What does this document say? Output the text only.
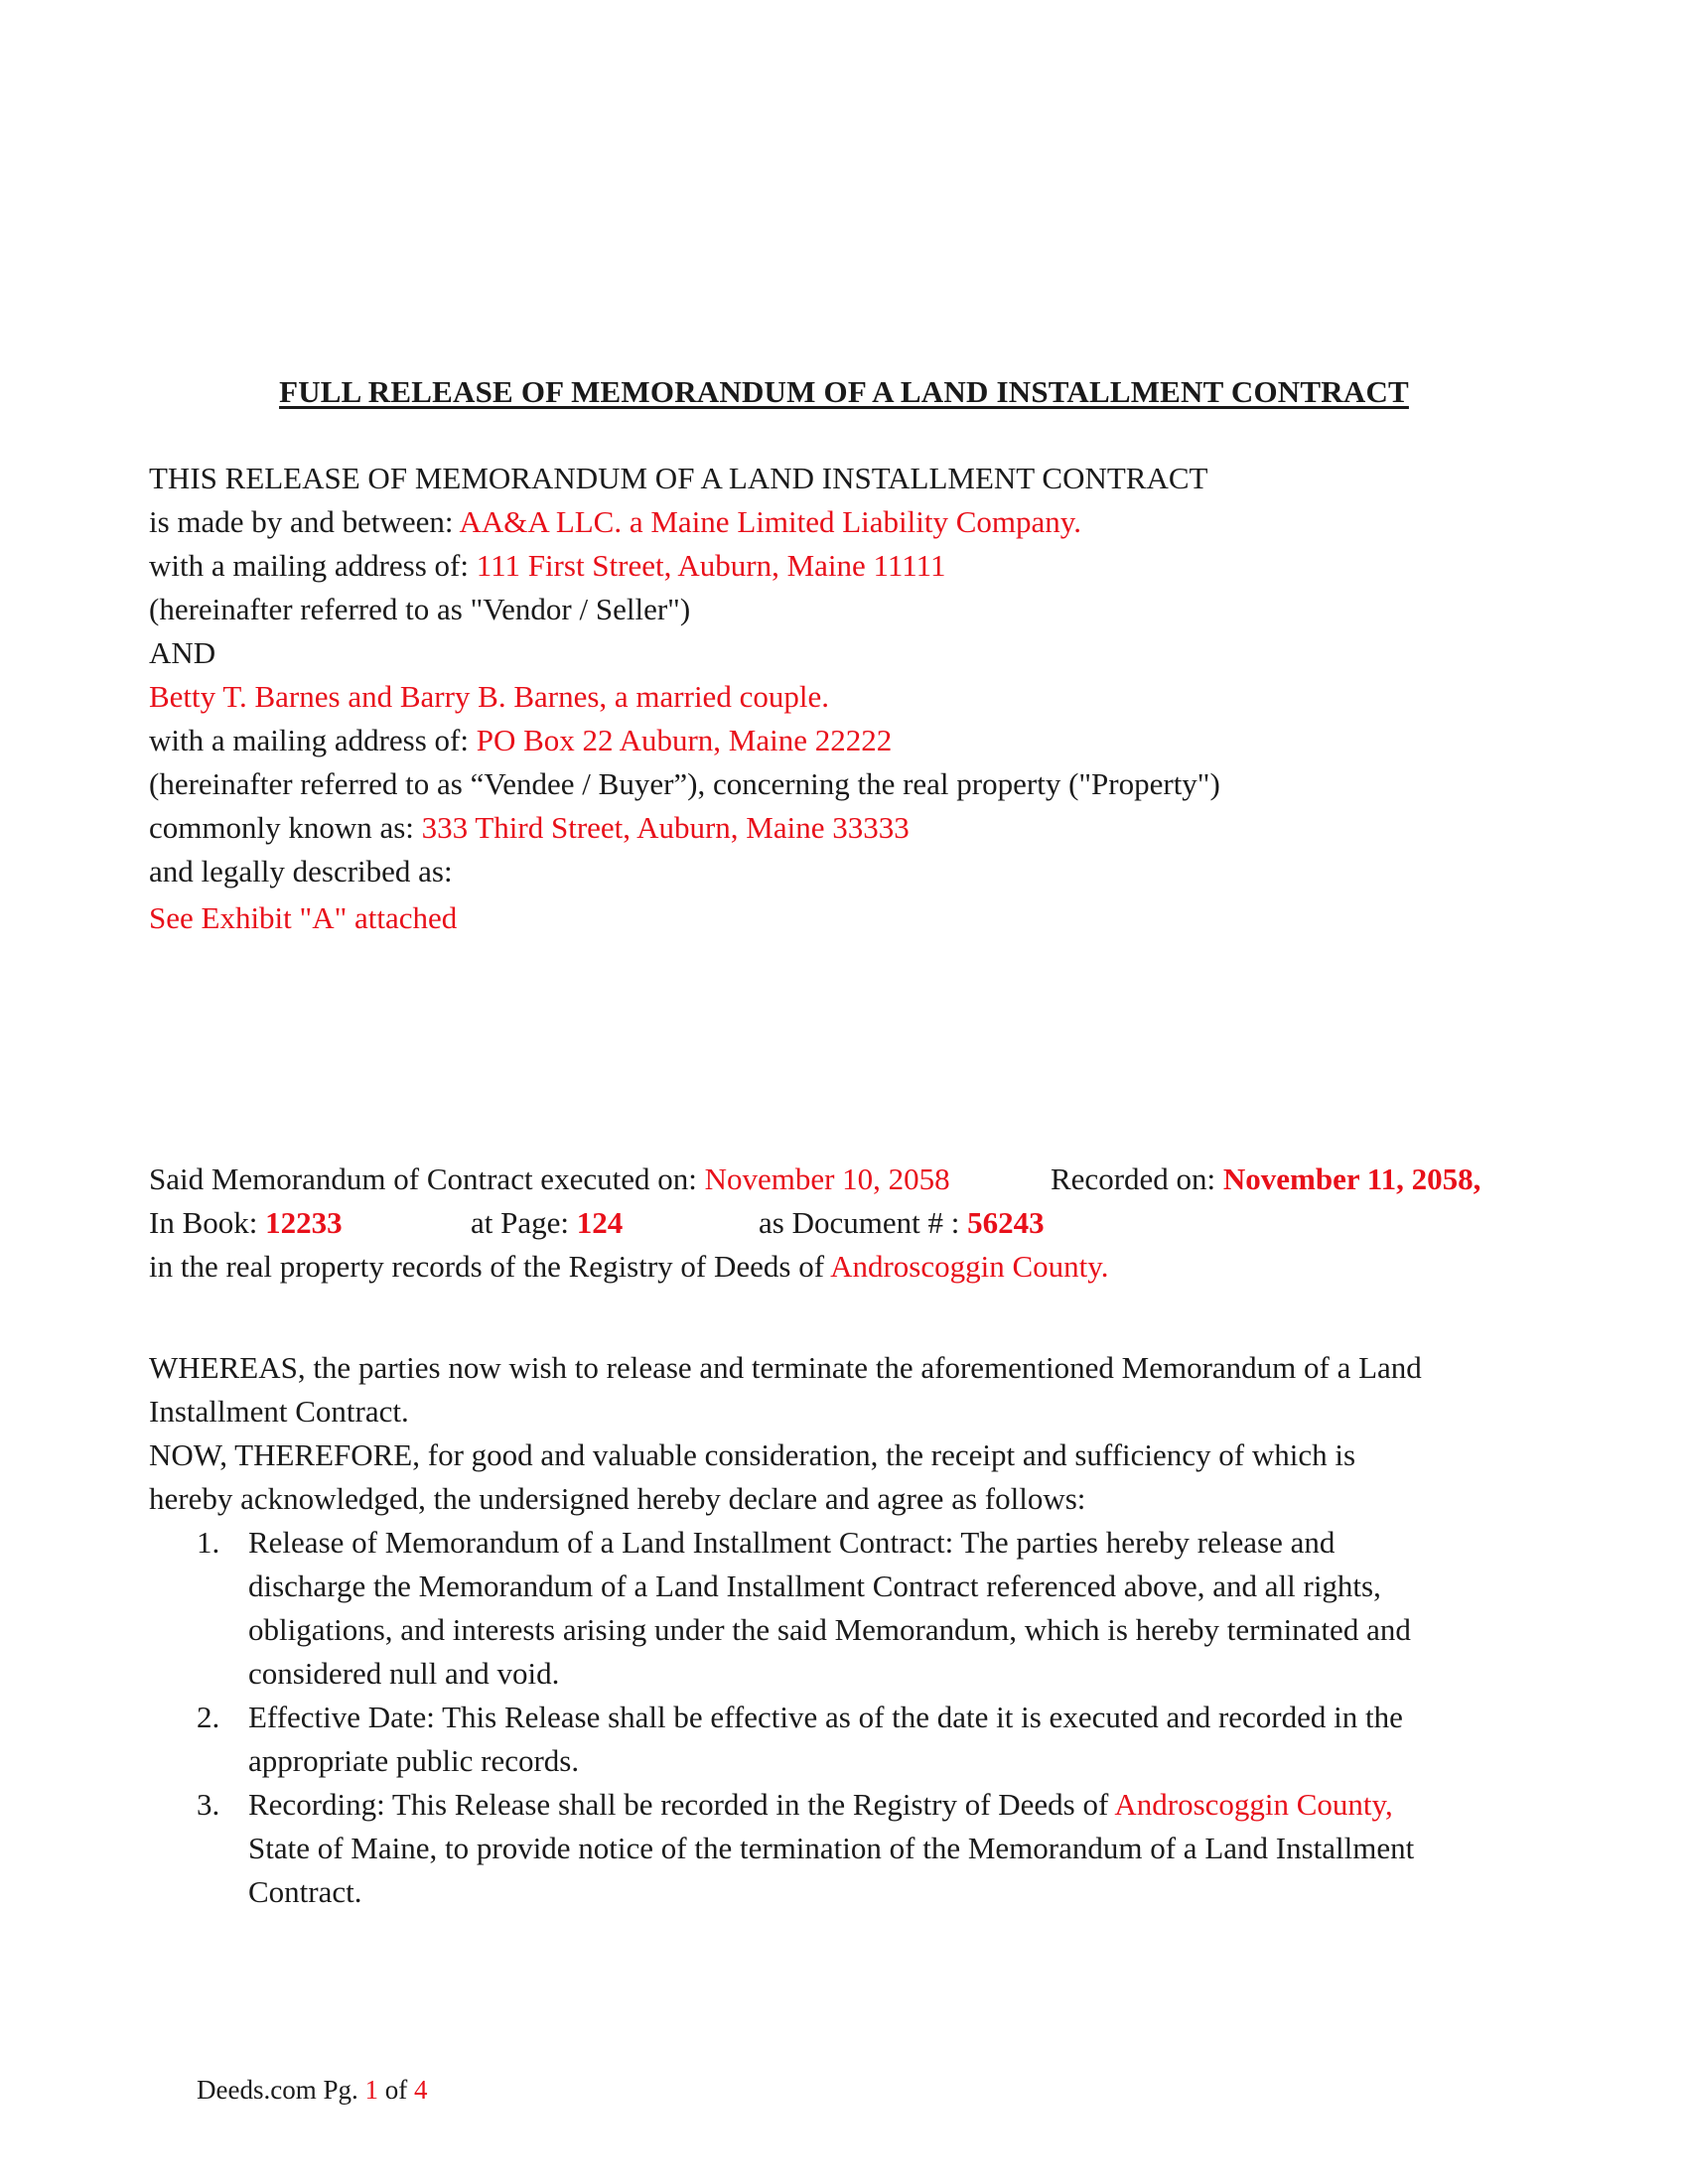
FULL RELEASE OF MEMORANDUM OF A LAND INSTALLMENT CONTRACT
THIS RELEASE OF MEMORANDUM OF A LAND INSTALLMENT CONTRACT
is made by and between: AA&A LLC. a Maine Limited Liability Company.
with a mailing address of: 111 First Street, Auburn, Maine 11111
(hereinafter referred to as "Vendor / Seller")
AND
Betty T. Barnes and Barry B. Barnes, a married couple.
with a mailing address of: PO Box 22 Auburn, Maine 22222
(hereinafter referred to as “Vendee / Buyer”), concerning the real property ("Property")
commonly known as: 333 Third Street, Auburn, Maine 33333
and legally described as:
See Exhibit "A" attached
Said Memorandum of Contract executed on: November 10, 2058	Recorded on: November 11, 2058,
In Book: 12233	at Page: 124	as Document # : 56243
in the real property records of the Registry of Deeds of Androscoggin County.
WHEREAS, the parties now wish to release and terminate the aforementioned Memorandum of a Land
Installment Contract.
NOW, THEREFORE, for good and valuable consideration, the receipt and sufficiency of which is
hereby acknowledged, the undersigned hereby declare and agree as follows:
1. Release of Memorandum of a Land Installment Contract: The parties hereby release and
discharge the Memorandum of a Land Installment Contract referenced above, and all rights,
obligations, and interests arising under the said Memorandum, which is hereby terminated and
considered null and void.
2. Effective Date: This Release shall be effective as of the date it is executed and recorded in the
appropriate public records.
3. Recording: This Release shall be recorded in the Registry of Deeds of Androscoggin County,
State of Maine, to provide notice of the termination of the Memorandum of a Land Installment
Contract.
Deeds.com Pg. 1 of 4
